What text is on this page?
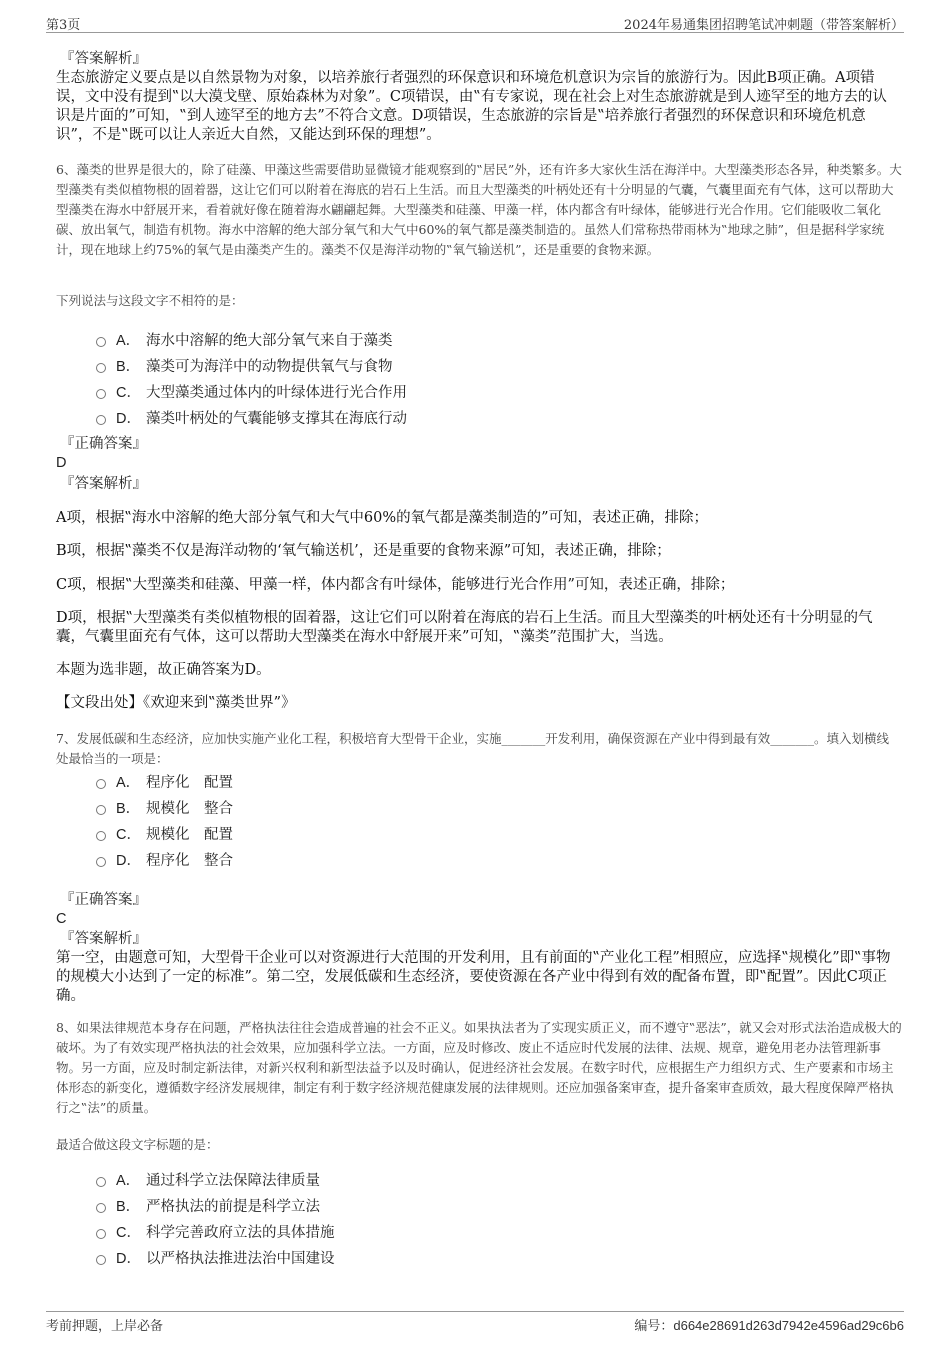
第3页	2024年易通集团招聘笔试冲刺题（带答案解析）
『答案解析』

生态旅游定义要点是以自然景物为对象，以培养旅行者强烈的环保意识和环境危机意识为宗旨的旅游行为。因此B项正确。A项错误，文中没有提到‟以大漠戈壁、原始森林为对象”。C项错误，由‟有专家说，现在社会上对生态旅游就是到人迹罕至的地方去的认识是片面的”可知，‟到人迹罕至的地方去”不符合文意。D项错误，生态旅游的宗旨是‟培养旅行者强烈的环保意识和环境危机意识”，不是‟既可以让人亲近大自然，又能达到环保的理想”。

6、藻类的世界是很大的，除了硅藻、甲藻这些需要借助显微镜才能观察到的‟居民”外，还有许多大家伙生活在海洋中。大型藻类形态各异，种类繁多。大型藻类有类似植物根的固着器，这让它们可以附着在海底的岩石上生活。而且大型藻类的叶柄处还有十分明显的气囊，气囊里面充有气体，这可以帮助大型藻类在海水中舒展开来，看着就好像在随着海水翩翩起舞。大型藻类和硅藻、甲藻一样，体内都含有叶绿体，能够进行光合作用。它们能吸收二氧化碳、放出氧气，制造有机物。海水中溶解的绝大部分氧气和大气中60%的氧气都是藻类制造的。虽然人们常称热带雨林为‟地球之肺”，但是据科学家统计，现在地球上约75%的氧气是由藻类产生的。藻类不仅是海洋动物的‟氧气输送机”，还是重要的食物来源。

下列说法与这段文字不相符的是：

A． 海水中溶解的绝大部分氧气来自于藻类
B． 藻类可为海洋中的动物提供氧气与食物
C． 大型藻类通过体内的叶绿体进行光合作用
D． 藻类叶柄处的气囊能够支撑其在海底行动
『正确答案』
D
『答案解析』

A项，根据‟海水中溶解的绝大部分氧气和大气中60%的氧气都是藻类制造的”可知，表述正确，排除；

B项，根据‟藻类不仅是海洋动物的‘氧气输送机’，还是重要的食物来源”可知，表述正确，排除；

C项，根据‟大型藻类和硅藻、甲藻一样，体内都含有叶绿体，能够进行光合作用”可知，表述正确，排除；

D项，根据‟大型藻类有类似植物根的固着器，这让它们可以附着在海底的岩石上生活。而且大型藻类的叶柄处还有十分明显的气囊，气囊里面充有气体，这可以帮助大型藻类在海水中舒展开来”可知，‟藻类”范围扩大，当选。

本题为选非题，故正确答案为D。

【文段出处】《欢迎来到‟藻类世界”》

7、发展低碳和生态经济，应加快实施产业化工程，积极培育大型骨干企业，实施_______开发利用，确保资源在产业中得到最有效_______。填入划横线处最恰当的一项是：

A． 程序化　配置
B． 规模化　整合
C． 规模化　配置
D． 程序化　整合
『正确答案』
C
『答案解析』

第一空，由题意可知，大型骨干企业可以对资源进行大范围的开发利用，且有前面的‟产业化工程”相照应，应选择‟规模化”即‟事物的规模大小达到了一定的标准”。第二空，发展低碳和生态经济，要使资源在各产业中得到有效的配备布置，即‟配置”。因此C项正确。

8、如果法律规范本身存在问题，严格执法往往会造成普遍的社会不正义。如果执法者为了实现实质正义，而不遵守‟恶法”，就又会对形式法治造成极大的破坏。为了有效实现严格执法的社会效果，应加强科学立法。一方面，应及时修改、废止不适应时代发展的法律、法规、规章，避免用老办法管理新事物。另一方面，应及时制定新法律，对新兴权利和新型法益予以及时确认，促进经济社会发展。在数字时代，应根据生产力组织方式、生产要素和市场主体形态的新变化，遵循数字经济发展规律，制定有利于数字经济规范健康发展的法律规则。还应加强备案审查，提升备案审查质效，最大程度保障严格执行之‟法”的质量。

最适合做这段文字标题的是：

A． 通过科学立法保障法律质量
B． 严格执法的前提是科学立法
C． 科学完善政府立法的具体措施
D． 以严格执法推进法治中国建设
考前押题，上岸必备	编号：d664e28691d263d7942e4596ad29c6b6
